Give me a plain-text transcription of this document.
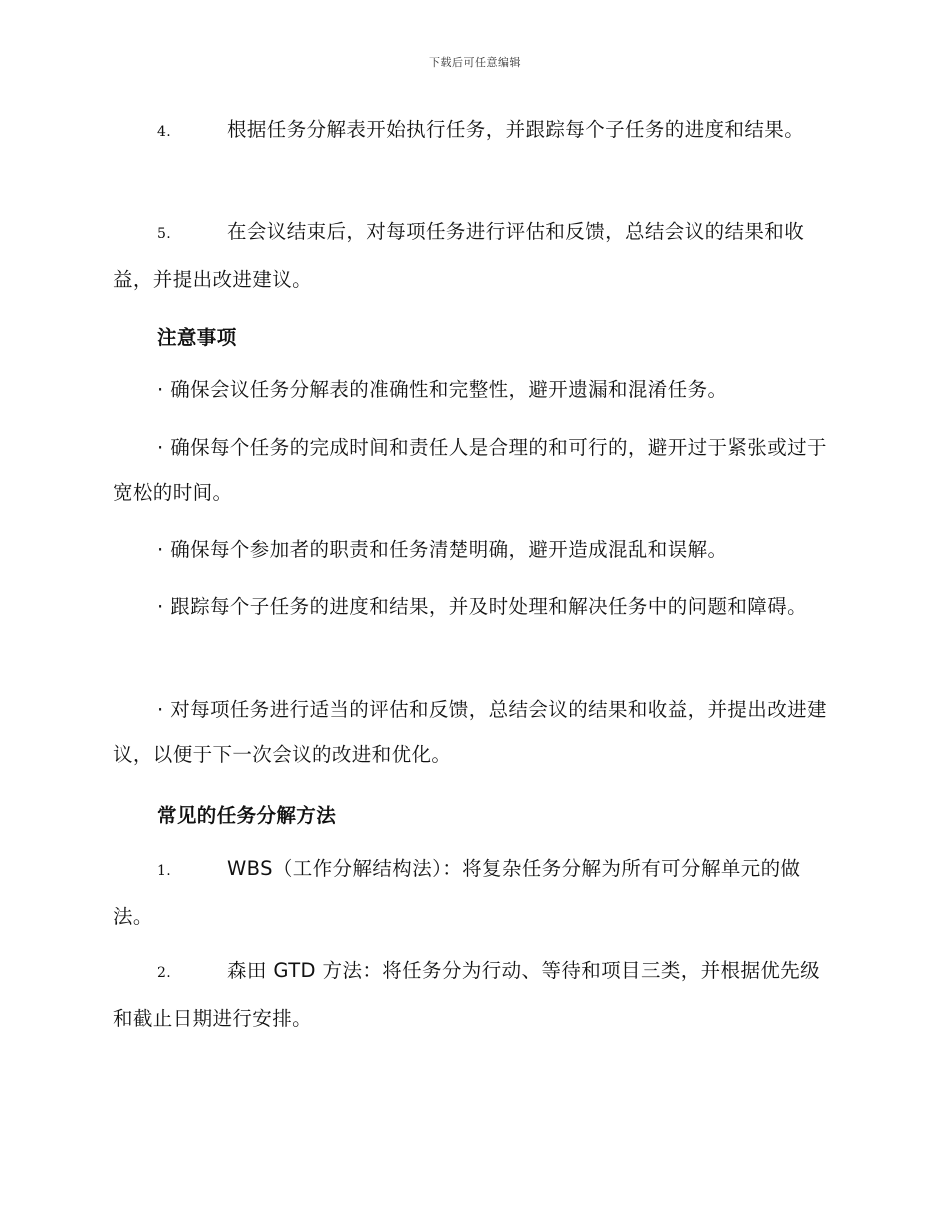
下载后可任意编辑
4.	根据任务分解表开始执行任务，并跟踪每个子任务的进度和结果。
5.	在会议结束后，对每项任务进行评估和反馈，总结会议的结果和收益，并提出改进建议。
注意事项
· 确保会议任务分解表的准确性和完整性，避开遗漏和混淆任务。
· 确保每个任务的完成时间和责任人是合理的和可行的，避开过于紧张或过于宽松的时间。
· 确保每个参加者的职责和任务清楚明确，避开造成混乱和误解。
· 跟踪每个子任务的进度和结果，并及时处理和解决任务中的问题和障碍。
· 对每项任务进行适当的评估和反馈，总结会议的结果和收益，并提出改进建议，以便于下一次会议的改进和优化。
常见的任务分解方法
1.	WBS（工作分解结构法）：将复杂任务分解为所有可分解单元的做法。
2.	森田 GTD 方法：将任务分为行动、等待和项目三类，并根据优先级和截止日期进行安排。
